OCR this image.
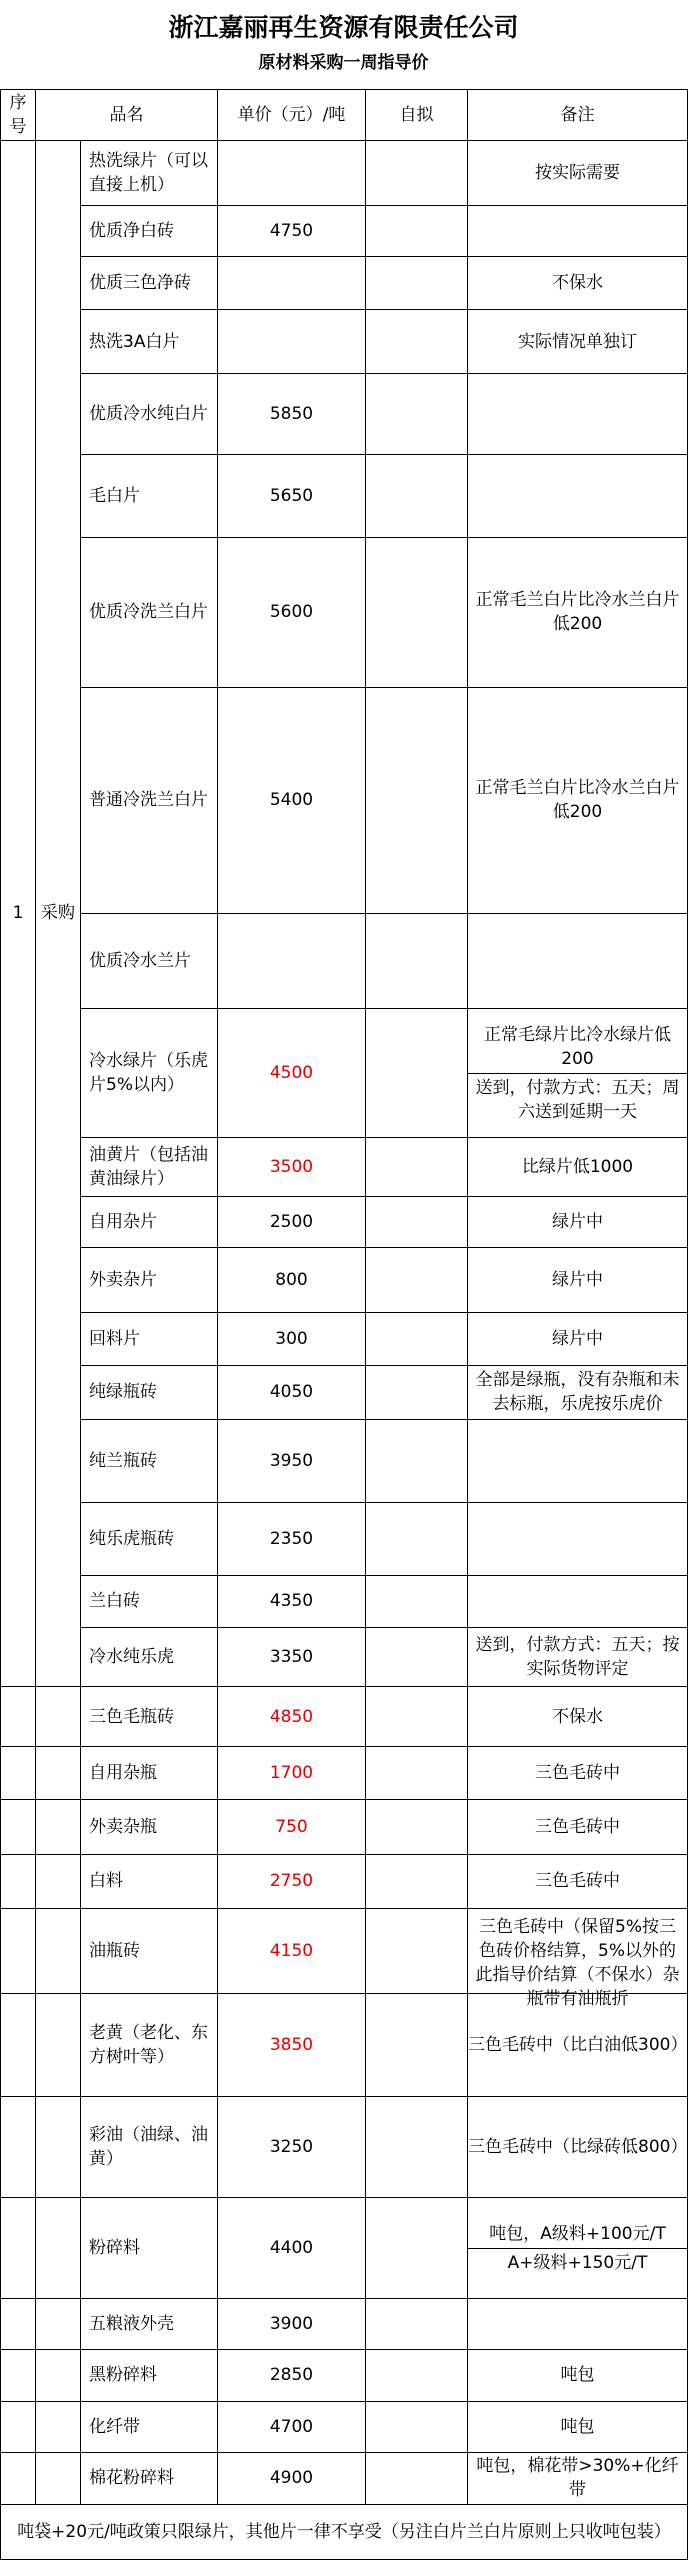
浙江嘉丽再生资源有限责任公司
原材料采购一周指导价
序号	品名		单价（元）/吨	自拟	备注
1	采购	热洗绿片（可以直接上机）			按实际需要
		优质净白砖	4750		
		优质三色净砖			不保水
		热洗3A白片			实际情况单独订
		优质冷水纯白片	5850		
		毛白片	5650		
		优质冷洗兰白片	5600		正常毛兰白片比冷水兰白片低200
		普通冷洗兰白片	5400		正常毛兰白片比冷水兰白片低200
		优质冷水兰片			
		冷水绿片（乐虎片5%以内）	4500		正常毛绿片比冷水绿片低200
送到，付款方式：五天；周六送到延期一天

		油黄片（包括油黄油绿片）	3500		比绿片低1000
		自用杂片	2500		绿片中
		外卖杂片	800		绿片中
		回料片	300		绿片中
		纯绿瓶砖	4050		全部是绿瓶，没有杂瓶和未去标瓶，乐虎按乐虎价

		纯兰瓶砖	3950		
		纯乐虎瓶砖	2350		
		兰白砖	4350		
		冷水纯乐虎	3350		送到，付款方式：五天；按实际货物评定
		三色毛瓶砖	4850		不保水
		自用杂瓶	1700		三色毛砖中
		外卖杂瓶	750		三色毛砖中
		白料	2750		三色毛砖中
		油瓶砖	4150		三色毛砖中（保留5%按三色砖价格结算，5%以外的此指导价结算（不保水）杂瓶带有油瓶折

		老黄（老化、东方树叶等）	3850		三色毛砖中（比白油低300）
		彩油（油绿、油黄）	3250		三色毛砖中（比绿砖低800）
		粉碎料	4400		吨包，A级料+100元/T
A+级料+150元/T

		五粮液外壳	3900		
		黑粉碎料	2850		吨包
		化纤带	4700		吨包
		棉花粉碎料	4900		吨包，棉花带>30%+化纤带
吨袋+20元/吨政策只限绿片，其他片一律不享受（另注白片兰白片原则上只收吨包装）					
